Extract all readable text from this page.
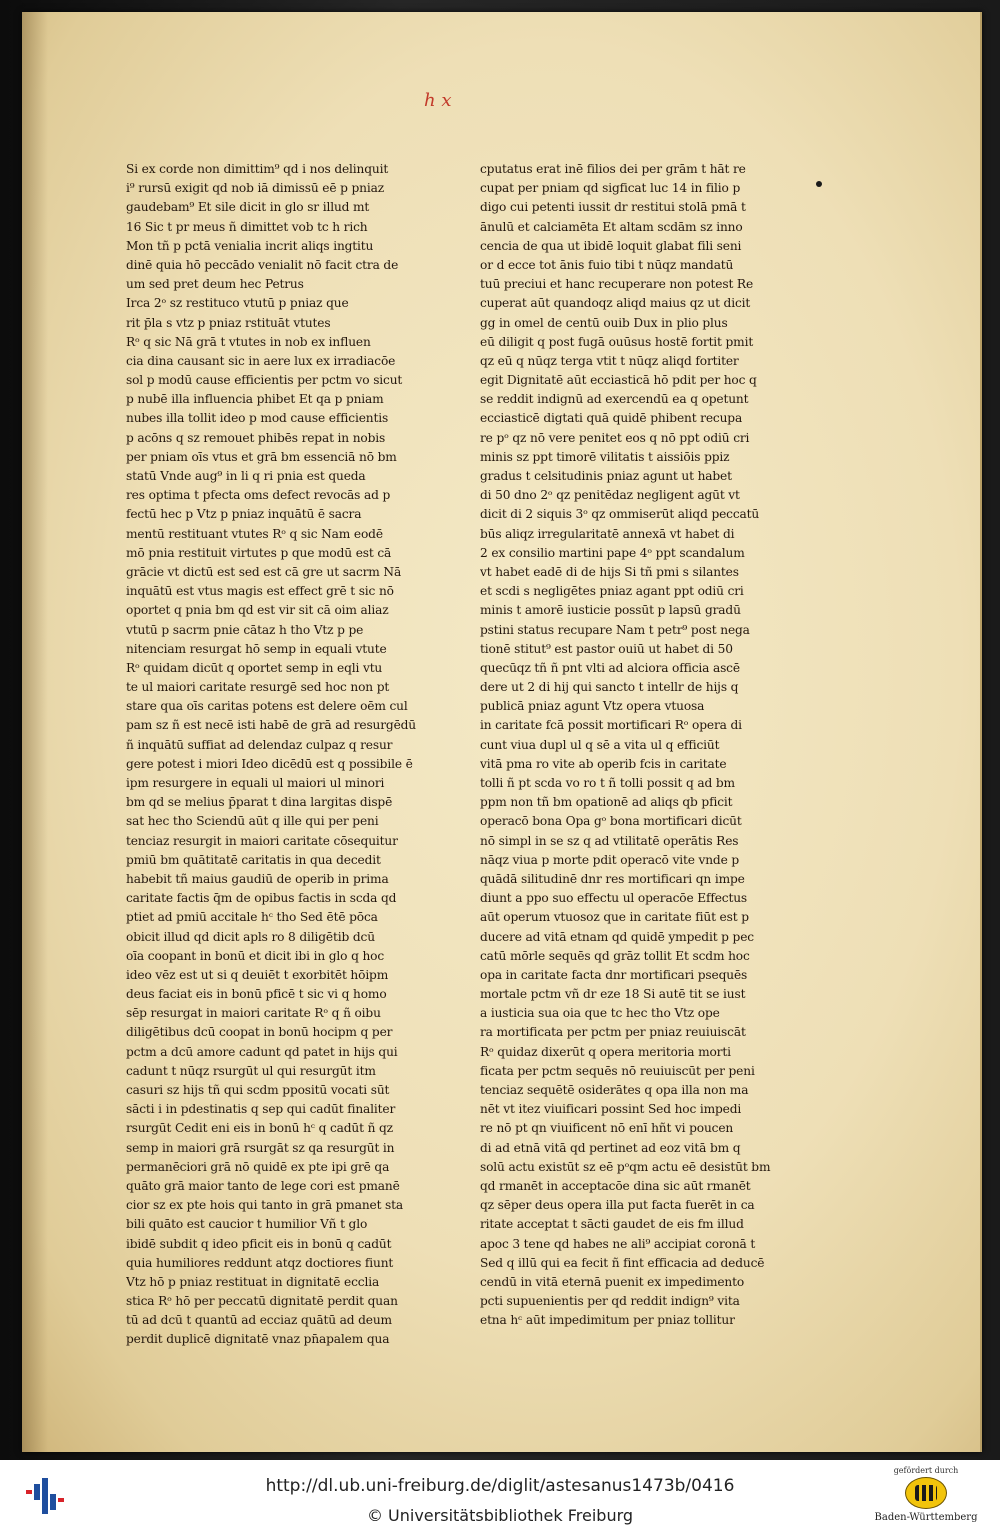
h x
Si ex corde non dimittim⁹ qd i nos delinquit
i⁹ rursū exigit qd nob iā dimissū eē p pniaz
gaudebam⁹ Et sile dicit in glo sr illud mt
16 Sic t pr meus ñ dimittet vob tc h rich
Mon tñ p pctā venialia incrit aliqs ingtitu
dinē quia hō peccādo venialit nō facit ctra de
um sed pret deum hec Petrus
Irca 2ᵒ sz restituco vtutū p pniaz que
rit p̄la s vtz p pniaz rstituāt vtutes
Rᵒ q sic Nā grā t vtutes in nob ex influen
cia dina causant sic in aere lux ex irradiacōe
sol p modū cause efficientis per pctm vo sicut
p nubē illa influencia phibet Et qa p pniam
nubes illa tollit ideo p mod cause efficientis
p acōns q sz remouet phibēs repat in nobis
per pniam oīs vtus et grā bm essenciā nō bm
statū Vnde aug⁹ in li q ri pnia est queda
res optima t pfecta oms defect revocās ad p
fectū hec p Vtz p pniaz inquātū ē sacra
mentū restituant vtutes Rᵒ q sic Nam eodē
mō pnia restituit virtutes p que modū est cā
grācie vt dictū est sed est cā gre ut sacrm Nā
inquātū est vtus magis est effect grē t sic nō
oportet q pnia bm qd est vir sit cā oim aliaz
vtutū p sacrm pnie cātaz h tho Vtz p pe
nitenciam resurgat hō semp in equali vtute
Rᵒ quidam dicūt q oportet semp in eqli vtu
te ul maiori caritate resurgē sed hoc non pt
stare qua oīs caritas potens est delere oēm cul
pam sz ñ est necē isti habē de grā ad resurgēdū
ñ inquātū suffiat ad delendaz culpaz q resur
gere potest i miori Ideo dicēdū est q possibile ē
ipm resurgere in equali ul maiori ul minori
bm qd se melius p̄parat t dina largitas dispē
sat hec tho Sciendū aūt q ille qui per peni
tenciaz resurgit in maiori caritate cōsequitur
pmiū bm quātitatē caritatis in qua decedit
habebit tñ maius gaudiū de operib in prima
caritate factis q̄m de opibus factis in scda qd
ptiet ad pmiū accitale hᶜ tho Sed ētē pōca
obicit illud qd dicit apls ro 8 diligētib dcū
oīa coopant in bonū et dicit ibi in glo q hoc
ideo vēz est ut si q deuiēt t exorbitēt hōipm
deus faciat eis in bonū pficē t sic vi q homo
sēp resurgat in maiori caritate Rᵒ q ñ oibu
diligētibus dcū coopat in bonū hocipm q per
pctm a dcū amore cadunt qd patet in hijs qui
cadunt t nūqz rsurgūt ul qui resurgūt itm
casuri sz hijs tñ qui scdm ppositū vocati sūt
sācti i in pdestinatis q sep qui cadūt finaliter
rsurgūt Cedit eni eis in bonū hᶜ q cadūt ñ qz
semp in maiori grā rsurgāt sz qa resurgūt in
permanēciori grā nō quidē ex pte ipi grē qa
quāto grā maior tanto de lege cori est pmanē
cior sz ex pte hois qui tanto in grā pmanet sta
bili quāto est caucior t humilior Vñ t glo
ibidē subdit q ideo pficit eis in bonū q cadūt
quia humiliores reddunt atqz doctiores fiunt
Vtz hō p pniaz restituat in dignitatē ecclia
stica Rᵒ hō per peccatū dignitatē perdit quan
tū ad dcū t quantū ad ecciaz quātū ad deum
perdit duplicē dignitatē vnaz pn̄apalem qua
cputatus erat inē filios dei per grām t hāt re
cupat per pniam qd sigficat luc 14 in filio p
digo cui petenti iussit dr restitui stolā pmā t
ānulū et calciamēta Et altam scdām sz inno
cencia de qua ut ibidē loquit glabat fili seni
or d ecce tot ānis fuio tibi t nūqz mandatū
tuū preciui et hanc recuperare non potest Re
cuperat aūt quandoqz aliqd maius qz ut dicit
gg in omel de centū ouib Dux in plio plus
eū diligit q post fugā ouūsus hostē fortit pmit
qz eū q nūqz terga vtit t nūqz aliqd fortiter
egit Dignitatē aūt ecciasticā hō pdit per hoc q
se reddit indignū ad exercendū ea q opetunt
ecciasticē digtati quā quidē phibent recupa
re pᵒ qz nō vere penitet eos q nō ppt odiū cri
minis sz ppt timorē vilitatis t aissiōis ppiz
gradus t celsitudinis pniaz agunt ut habet
di 50 dno 2ᵒ qz penitēdaz negligent agūt vt
dicit di 2 siquis 3ᵒ qz ommiserūt aliqd peccatū
būs aliqz irregularitatē annexā vt habet di
2 ex consilio martini pape 4ᵒ ppt scandalum
vt habet eadē di de hijs Si tñ pmi s silantes
et scdi s negligētes pniaz agant ppt odiū cri
minis t amorē iusticie possūt p lapsū gradū
pstini status recupare Nam t petr⁹ post nega
tionē stitut⁹ est pastor ouiū ut habet di 50
quecūqz tñ ñ pnt vlti ad alciora officia ascē
dere ut 2 di hij qui sancto t intellr de hijs q
publicā pniaz agunt Vtz opera vtuosa
in caritate fcā possit mortificari Rᵒ opera di
cunt viua dupl ul q sē a vita ul q efficiūt
vitā pma ro vite ab operib fcis in caritate
tolli ñ pt scda vo ro t ñ tolli possit q ad bm
ppm non tñ bm opationē ad aliqs qb pficit
operacō bona Opa gᵒ bona mortificari dicūt
nō simpl in se sz q ad vtilitatē operātis Res
nāqz viua p morte pdit operacō vite vnde p
quādā silitudinē dnr res mortificari qn impe
diunt a ppo suo effectu ul operacōe Effectus
aūt operum vtuosoz que in caritate fiūt est p
ducere ad vitā etnam qd quidē ympedit p pec
catū mōrle sequēs qd grāz tollit Et scdm hoc
opa in caritate facta dnr mortificari psequēs
mortale pctm vñ dr eze 18 Si autē tit se iust
a iusticia sua oia que tc hec tho Vtz ope
ra mortificata per pctm per pniaz reuiuiscāt
Rᵒ quidaz dixerūt q opera meritoria morti
ficata per pctm sequēs nō reuiuiscūt per peni
tenciaz sequētē osiderātes q opa illa non ma
nēt vt itez viuificari possint Sed hoc impedi
re nō pt qn viuificent nō enī hñt vi poucen
di ad etnā vitā qd pertinet ad eoz vitā bm q
solū actu existūt sz eē pᵒqm actu eē desistūt bm
qd rmanēt in acceptacōe dina sic aūt rmanēt
qz sēper deus opera illa put facta fuerēt in ca
ritate acceptat t sācti gaudet de eis fm illud
apoc 3 tene qd habes ne ali⁹ accipiat coronā t
Sed q illū qui ea fecit ñ fint efficacia ad deducē
cendū in vitā eternā puenit ex impedimento
pcti supuenientis per qd reddit indign⁹ vita
etna hᶜ aūt impedimitum per pniaz tollitur
http://dl.ub.uni-freiburg.de/diglit/astesanus1473b/0416
© Universitätsbibliothek Freiburg
gefördert durch
Baden-Württemberg
